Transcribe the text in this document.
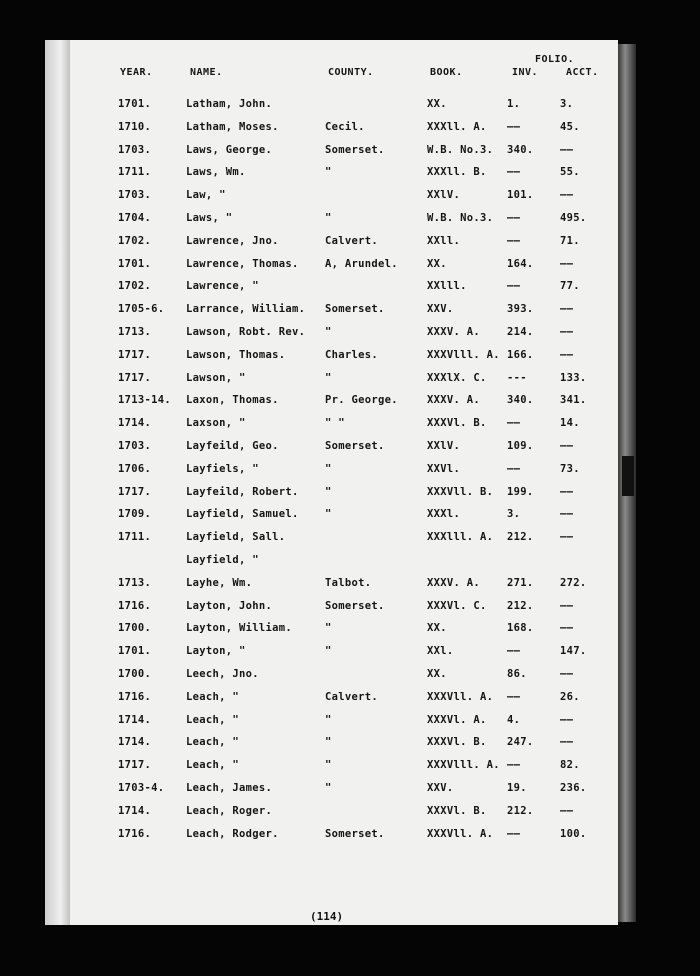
YEAR.	NAME.	COUNTY.	BOOK.
FOLIO.
INV.	ACCT.
1701.	Latham, John.	XX.	1.	3.
1710.	Latham, Moses.	Cecil.	XXXll. A. ——	45.
1703.	Laws, George.	Somerset.	W.B. No.3. 340.	——
1711.	Laws, Wm.	"	XXXll. B. ——	55.
1703.	Law, "	XXlV.	101.	——
1704.	Laws, "	"	W.B. No.3. ——	495.
1702.	Lawrence, Jno.	Calvert.	XXll.	——	71.
1701.	Lawrence, Thomas.	A, Arundel.	XX.	164.	——
1702.	Lawrence, "	XXlll.	——	77.
1705-6. Larrance, William. Somerset.	XXV.	393.	——
1713.	Lawson, Robt. Rev. "	XXXV. A.	214.	——
1717.	Lawson, Thomas.	Charles.	XXXVlll. A. 166.	——
1717.	Lawson, "	"	XXXlX. C. ---	133.
1713-14. Laxon, Thomas.	Pr. George.	XXXV. A.	340.	341.
1714.	Laxson, "	" "	XXXVl. B. ——	14.
1703.	Layfeild, Geo.	Somerset.	XXlV.	109.	——
1706.	Layfiels, "	"	XXVl.	——	73.
1717.	Layfeild, Robert.	"	XXXVll. B. 199.	——
1709.	Layfield, Samuel.	"	XXXl.	3.	——
1711.	Layfield, Sall.	XXXlll. A. 212.	——
Layfield, "
1713.	Layhe, Wm.	Talbot.	XXXV. A.	271.	272.
1716.	Layton, John.	Somerset.	XXXVl. C. 212.	——
1700.	Layton, William.	"	XX.	168.	——
1701.	Layton, "	"	XXl.	——	147.
1700.	Leech, Jno.	XX.	86.	——
1716.	Leach, "	Calvert.	XXXVll. A. ——	26.
1714.	Leach, "	"	XXXVl. A. 4.	——
1714.	Leach, "	"	XXXVl. B. 247.	——
1717.	Leach, "	"	XXXVlll. A. ——	82.
1703-4. Leach, James.	"	XXV.	19.	236.
1714.	Leach, Roger.	XXXVl. B. 212.	——
1716.	Leach, Rodger.	Somerset.	XXXVll. A. ——	100.
(114)
